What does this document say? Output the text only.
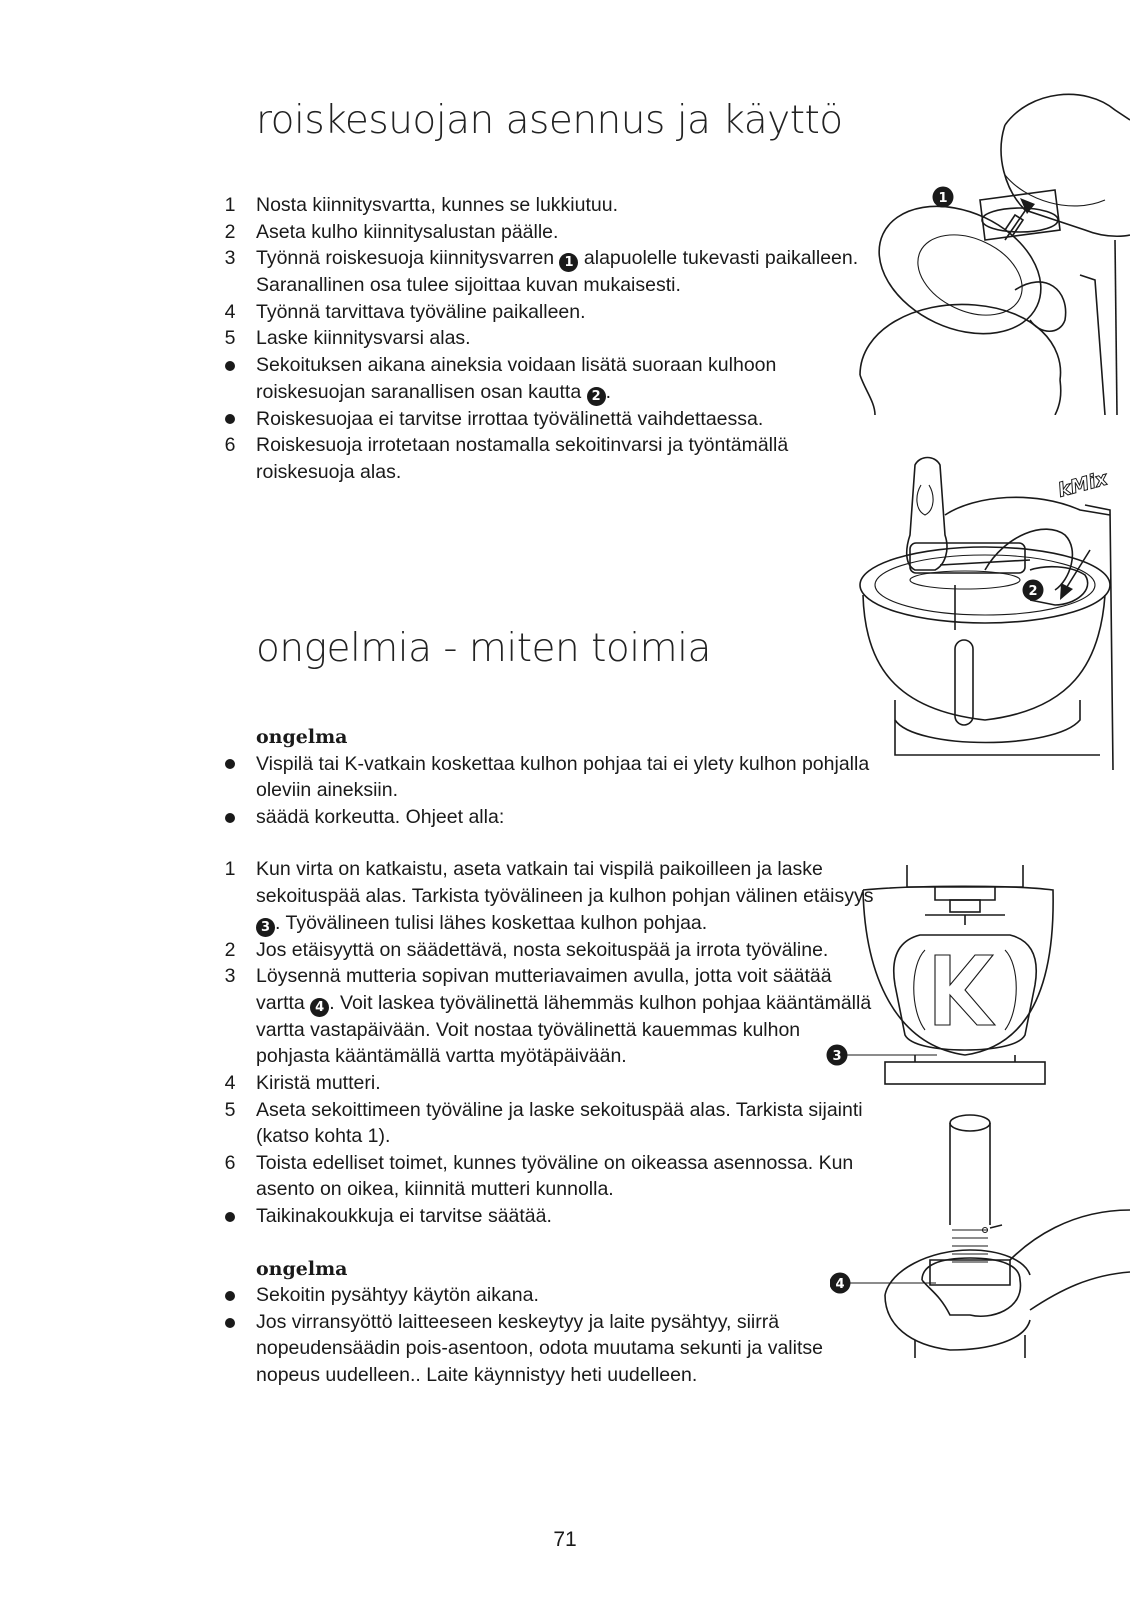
roiskesuojan asennus ja käyttö
1 Nosta kiinnitysvartta, kunnes se lukkiutuu.
2 Aseta kulho kiinnitysalustan päälle.
3 Työnnä roiskesuoja kiinnitysvarren 1 alapuolelle tukevasti paikalleen. Saranallinen osa tulee sijoittaa kuvan mukaisesti.
4 Työnnä tarvittava työväline paikalleen.
5 Laske kiinnitysvarsi alas.
Sekoituksen aikana aineksia voidaan lisätä suoraan kulhoon roiskesuojan saranallisen osan kautta 2 .
Roiskesuojaa ei tarvitse irrottaa työvälinettä vaihdettaessa.
6 Roiskesuoja irrotetaan nostamalla sekoitinvarsi ja työntämällä roiskesuoja alas.
ongelmia - miten toimia
ongelma
Vispilä tai K-vatkain koskettaa kulhon pohjaa tai ei ylety kulhon pohjalla oleviin aineksiin.
säädä korkeutta. Ohjeet alla:
1 Kun virta on katkaistu, aseta vatkain tai vispilä paikoilleen ja laske sekoituspää alas. Tarkista työvälineen ja kulhon pohjan välinen etäisyys 3 . Työvälineen tulisi lähes koskettaa kulhon pohjaa.
2 Jos etäisyyttä on säädettävä, nosta sekoituspää ja irrota työväline.
3 Löysennä mutteria sopivan mutteriavaimen avulla, jotta voit säätää vartta 4 . Voit laskea työvälinettä lähemmäs kulhon pohjaa kääntämällä vartta vastapäivään. Voit nostaa työvälinettä kauemmas kulhon pohjasta kääntämällä vartta myötäpäivään.
4 Kiristä mutteri.
5 Aseta sekoittimeen työväline ja laske sekoituspää alas. Tarkista sijainti (katso kohta 1).
6 Toista edelliset toimet, kunnes työväline on oikeassa asennossa. Kun asento on oikea, kiinnitä mutteri kunnolla.
Taikinakoukkuja ei tarvitse säätää.
ongelma
Sekoitin pysähtyy käytön aikana.
Jos virransyöttö laitteeseen keskeytyy ja laite pysähtyy, siirrä nopeudensäädin pois-asentoon, odota muutama sekunti ja valitse nopeus uudelleen.. Laite käynnistyy heti uudelleen.
1
kMix
2
3
4
71
